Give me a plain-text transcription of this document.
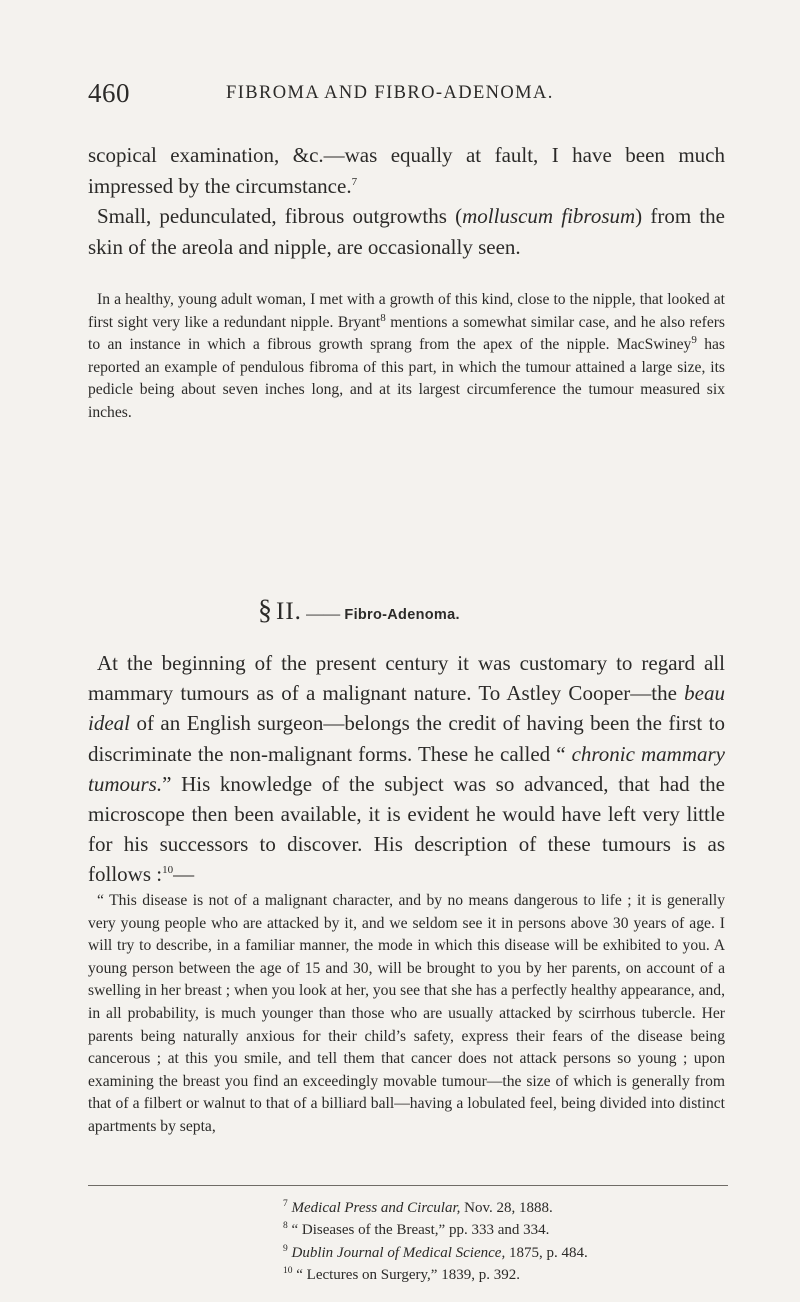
460	FIBROMA AND FIBRO-ADENOMA.

scopical examination, &c.—was equally at fault, I have been much impressed by the circumstance.$^7$

Small, pedunculated, fibrous outgrowths (molluscum fibrosum) from the skin of the areola and nipple, are occasionally seen.

In a healthy, young adult woman, I met with a growth of this kind, close to the nipple, that looked at first sight very like a redundant nipple. Bryant$^8$ mentions a somewhat similar case, and he also refers to an instance in which a fibrous growth sprang from the apex of the nipple. MacSwiney$^9$ has reported an example of pendulous fibroma of this part, in which the tumour attained a large size, its pedicle being about seven inches long, and at its largest circumference the tumour measured six inches.

§ II. —— Fibro-Adenoma.

At the beginning of the present century it was customary to regard all mammary tumours as of a malignant nature. To Astley Cooper—the beau ideal of an English surgeon—belongs the credit of having been the first to discriminate the non-malignant forms. These he called “ chronic mammary tumours.” His knowledge of the subject was so advanced, that had the microscope then been available, it is evident he would have left very little for his successors to discover. His description of these tumours is as follows :$^{10}$—

“ This disease is not of a malignant character, and by no means dangerous to life ; it is generally very young people who are attacked by it, and we seldom see it in persons above 30 years of age. I will try to describe, in a familiar manner, the mode in which this disease will be exhibited to you. A young person between the age of 15 and 30, will be brought to you by her parents, on account of a swelling in her breast ; when you look at her, you see that she has a perfectly healthy appearance, and, in all probability, is much younger than those who are usually attacked by scirrhous tubercle. Her parents being naturally anxious for their child’s safety, express their fears of the disease being cancerous ; at this you smile, and tell them that cancer does not attack persons so young ; upon examining the breast you find an exceedingly movable tumour—the size of which is generally from that of a filbert or walnut to that of a billiard ball—having a lobulated feel, being divided into distinct apartments by septa,

$^7$ Medical Press and Circular, Nov. 28, 1888.
$^8$ “ Diseases of the Breast,” pp. 333 and 334.
$^9$ Dublin Journal of Medical Science, 1875, p. 484.
$^{10}$ “ Lectures on Surgery,” 1839, p. 392.
